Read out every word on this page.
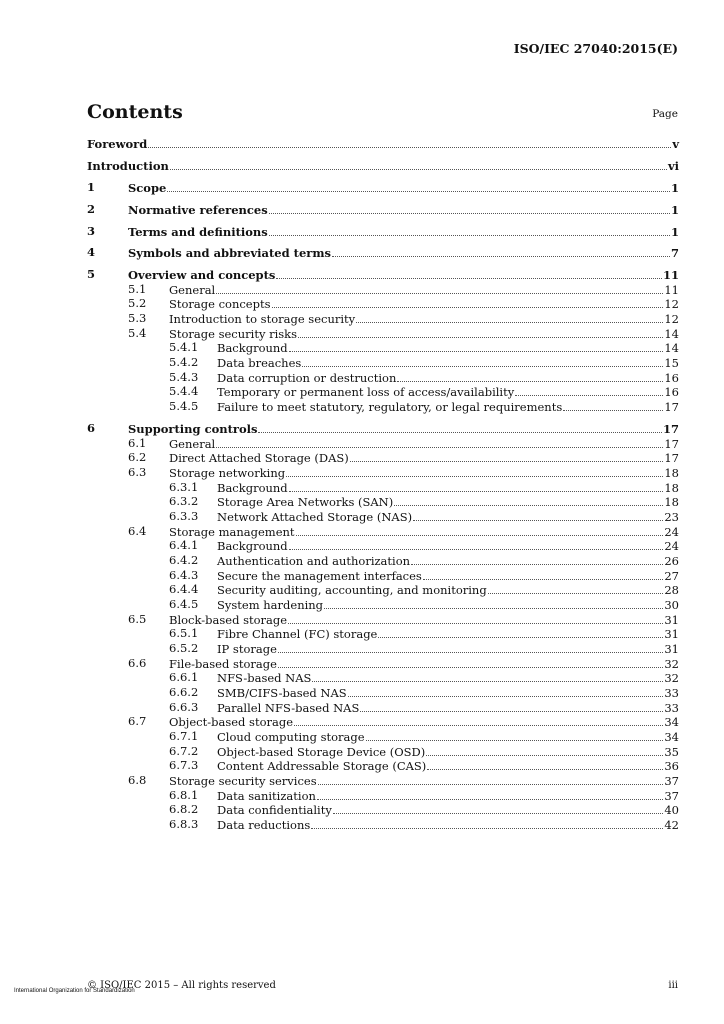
ISO/IEC 27040:2015(E)
Contents	Page
Foreword	v
Introduction	vi
1	Scope	1
2	Normative references	1
3	Terms and definitions	1
4	Symbols and abbreviated terms	7
5	Overview and concepts	11
5.1 General	11
5.2 Storage concepts	12
5.3 Introduction to storage security	12
5.4 Storage security risks	14
5.4.1 Background	14
5.4.2 Data breaches	15
5.4.3 Data corruption or destruction	16
5.4.4 Temporary or permanent loss of access/availability	16
5.4.5 Failure to meet statutory, regulatory, or legal requirements	17
6	Supporting controls	17
6.1 General	17
6.2 Direct Attached Storage (DAS)	17
6.3 Storage networking	18
6.3.1 Background	18
6.3.2 Storage Area Networks (SAN)	18
6.3.3 Network Attached Storage (NAS)	23
6.4 Storage management	24
6.4.1 Background	24
6.4.2 Authentication and authorization	26
6.4.3 Secure the management interfaces	27
6.4.4 Security auditing, accounting, and monitoring	28
6.4.5 System hardening	30
6.5 Block-based storage	31
6.5.1 Fibre Channel (FC) storage	31
6.5.2 IP storage	31
6.6 File-based storage	32
6.6.1 NFS-based NAS	32
6.6.2 SMB/CIFS-based NAS	33
6.6.3 Parallel NFS-based NAS	33
6.7 Object-based storage	34
6.7.1 Cloud computing storage	34
6.7.2 Object-based Storage Device (OSD)	35
6.7.3 Content Addressable Storage (CAS)	36
6.8 Storage security services	37
6.8.1 Data sanitization	37
6.8.2 Data confidentiality	40
6.8.3 Data reductions	42
© ISO/IEC 2015 – All rights reserved	iii
International Organization for Standardization
